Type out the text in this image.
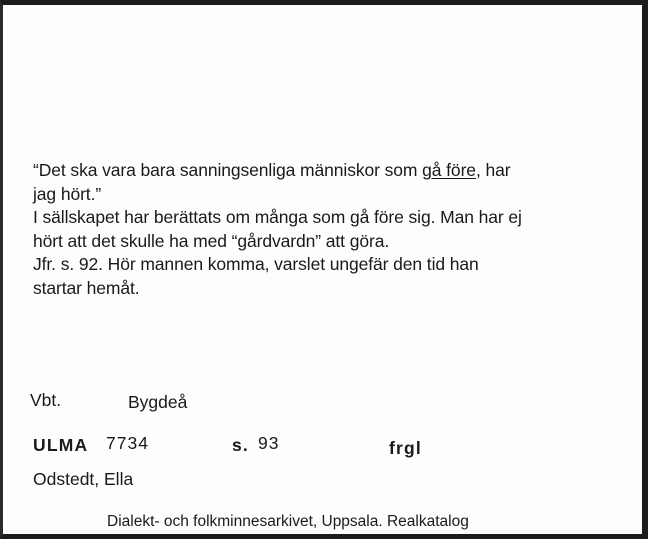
“Det ska vara bara sanningsenliga människor som gå före, har
jag hört.”
I sällskapet har berättats om många som gå före sig. Man har ej
hört att det skulle ha med “gårdvardn” att göra.
Jfr. s. 92. Hör mannen komma, varslet ungefär den tid han
startar hemåt.
Vbt.	Bygdeå
ULMA 7734	s. 93	frgl
Odstedt, Ella
Dialekt- och folkminnesarkivet, Uppsala. Realkatalog
